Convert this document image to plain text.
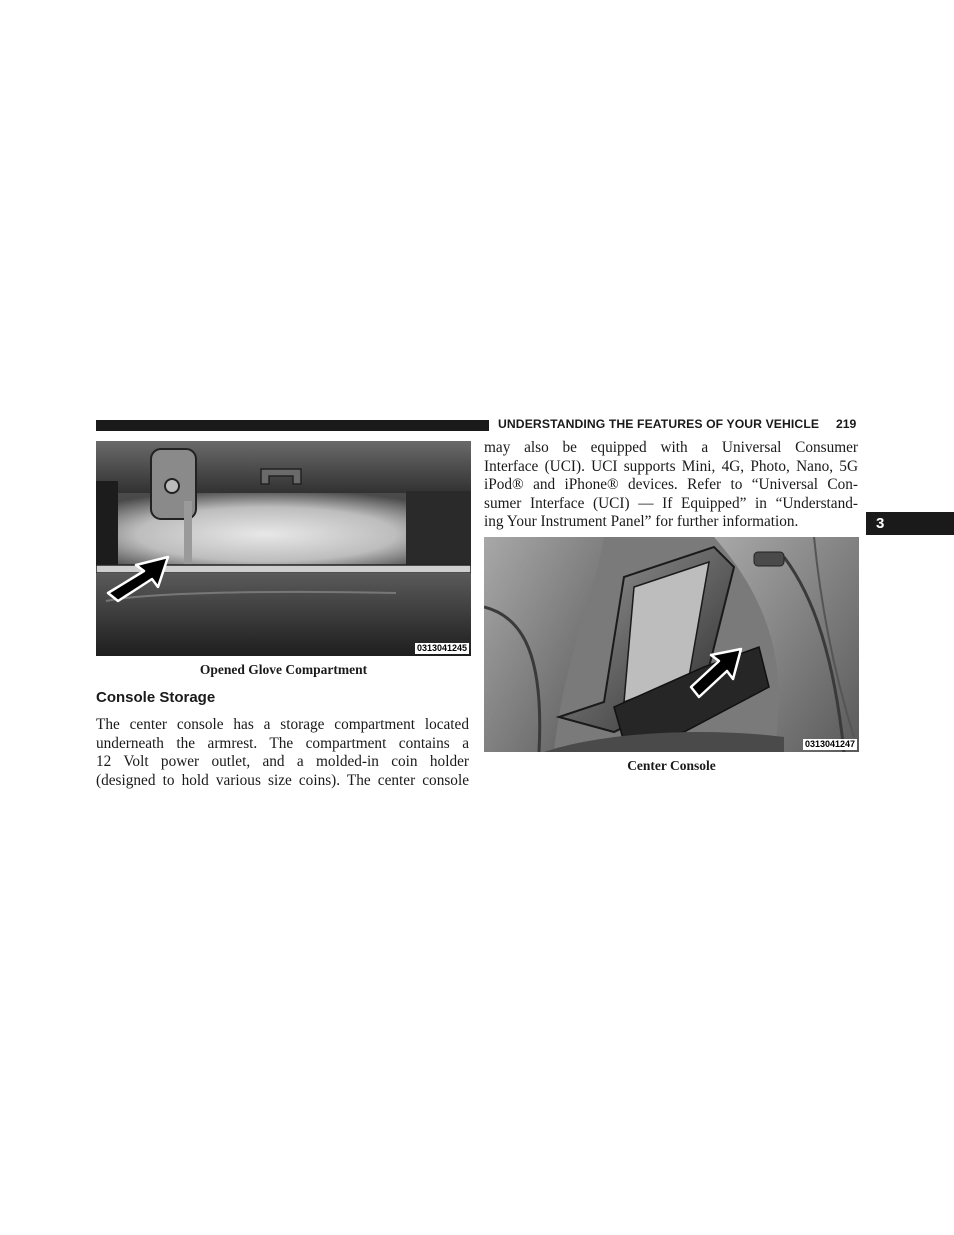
UNDERSTANDING THE FEATURES OF YOUR VEHICLE 219
3
0313041245
Opened Glove Compartment
Console Storage

The center console has a storage compartment located
underneath the armrest. The compartment contains a
12 Volt power outlet, and a molded-in coin holder
(designed to hold various size coins). The center console

may also be equipped with a Universal Consumer
Interface (UCI). UCI supports Mini, 4G, Photo, Nano, 5G
iPod® and iPhone® devices. Refer to “Universal Con-
sumer Interface (UCI) — If Equipped” in “Understand-
ing Your Instrument Panel” for further information.

0313041247
Center Console
